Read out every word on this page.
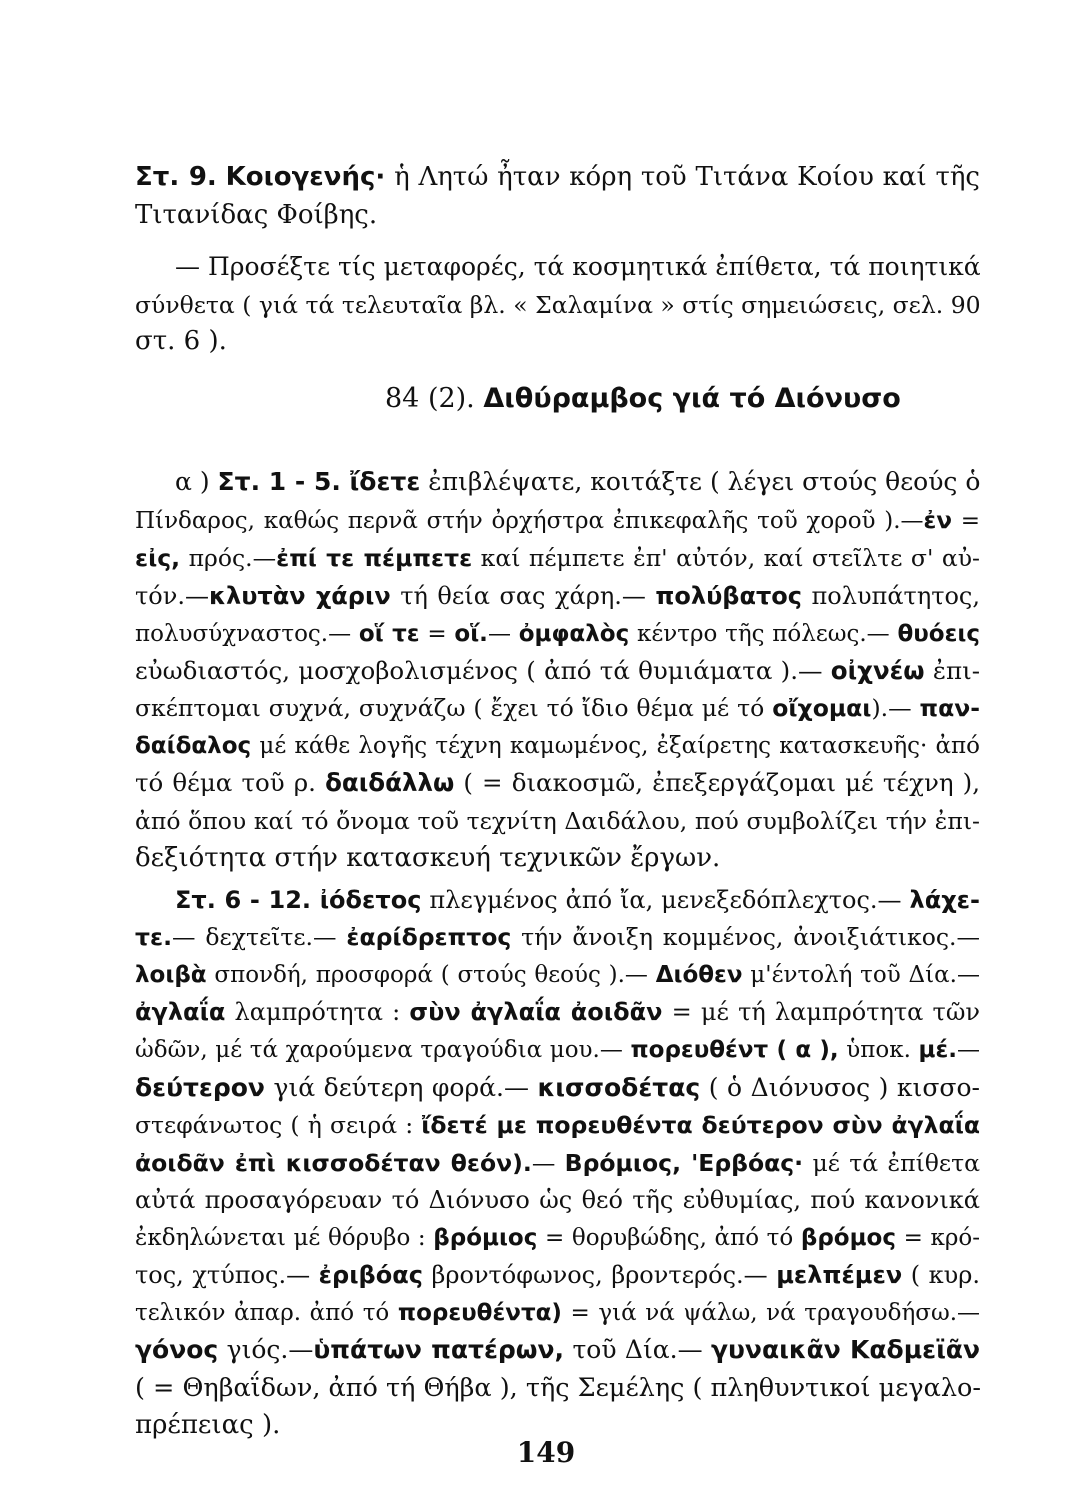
Στ. 9. Κοιογενής· ἡ Λητώ ἦταν κόρη τοῦ Τιτάνα Κοίου καί τῆς
Τιτανίδας Φοίβης.
— Προσέξτε τίς μεταφορές, τά κοσμητικά ἐπίθετα, τά ποιητικά
σύνθετα ( γιά τά τελευταῖα βλ. « Σαλαμίνα » στίς σημειώσεις, σελ. 90
στ. 6 ).
84 (2). Διθύραμβος γιά τό Διόνυσο
α ) Στ. 1 - 5. ἴδετε ἐπιβλέψατε, κοιτάξτε ( λέγει στούς θεούς ὁ
Πίνδαρος, καθώς περνᾶ στήν ὀρχήστρα ἐπικεφαλῆς τοῦ χοροῦ ).—ἐν =
εἰς, πρός.—ἐπί τε πέμπετε καί πέμπετε ἐπ' αὐτόν, καί στεῖλτε σ' αὐ-
τόν.—κλυτὰν χάριν τή θεία σας χάρη.— πολύβατος πολυπάτητος,
πολυσύχναστος.— οἵ τε = οἵ.— ὀμφαλὸς κέντρο τῆς πόλεως.— θυόεις
εὐωδιαστός, μοσχοβολισμένος ( ἀπό τά θυμιάματα ).— οἰχνέω ἐπι-
σκέπτομαι συχνά, συχνάζω ( ἔχει τό ἴδιο θέμα μέ τό οἴχομαι).— παν-
δαίδαλος μέ κάθε λογῆς τέχνη καμωμένος, ἐξαίρετης κατασκευῆς· ἀπό
τό θέμα τοῦ ρ. δαιδάλλω ( = διακοσμῶ, ἐπεξεργάζομαι μέ τέχνη ),
ἀπό ὅπου καί τό ὄνομα τοῦ τεχνίτη Δαιδάλου, πού συμβολίζει τήν ἐπι-
δεξιότητα στήν κατασκευή τεχνικῶν ἔργων.
Στ. 6 - 12. ἰόδετος πλεγμένος ἀπό ἴα, μενεξεδόπλεχτος.— λάχε-
τε.— δεχτεῖτε.— ἐαρίδρεπτος τήν ἄνοιξη κομμένος, ἀνοιξιάτικος.—
λοιβὰ σπονδή, προσφορά ( στούς θεούς ).— Διόθεν μ'έντολή τοῦ Δία.—
ἀγλαΐα λαμπρότητα : σὺν ἀγλαΐα ἀοιδᾶν = μέ τή λαμπρότητα τῶν
ὠδῶν, μέ τά χαρούμενα τραγούδια μου.— πορευθέντ ( α ), ὑποκ. μέ.—
δεύτερον γιά δεύτερη φορά.— κισσοδέτας ( ὁ Διόνυσος ) κισσο-
στεφάνωτος ( ἡ σειρά : ἴδετέ με πορευθέντα δεύτερον σὺν ἀγλαΐα
ἀοιδᾶν ἐπὶ κισσοδέταν θεόν).— Βρόμιος, 'Ερβόας· μέ τά ἐπίθετα
αὐτά προσαγόρευαν τό Διόνυσο ὡς θεό τῆς εὐθυμίας, πού κανονικά
ἐκδηλώνεται μέ θόρυβο : βρόμιος = θορυβώδης, ἀπό τό βρόμος = κρό-
τος, χτύπος.— ἐριβόας βροντόφωνος, βροντερός.— μελπέμεν ( κυρ.
τελικόν ἀπαρ. ἀπό τό πορευθέντα) = γιά νά ψάλω, νά τραγουδήσω.—
γόνος γιός.—ὑπάτων πατέρων, τοῦ Δία.— γυναικᾶν Καδμεϊᾶν
( = Θηβαΐδων, ἀπό τή Θήβα ), τῆς Σεμέλης ( πληθυντικοί μεγαλο-
πρέπειας ).
149
